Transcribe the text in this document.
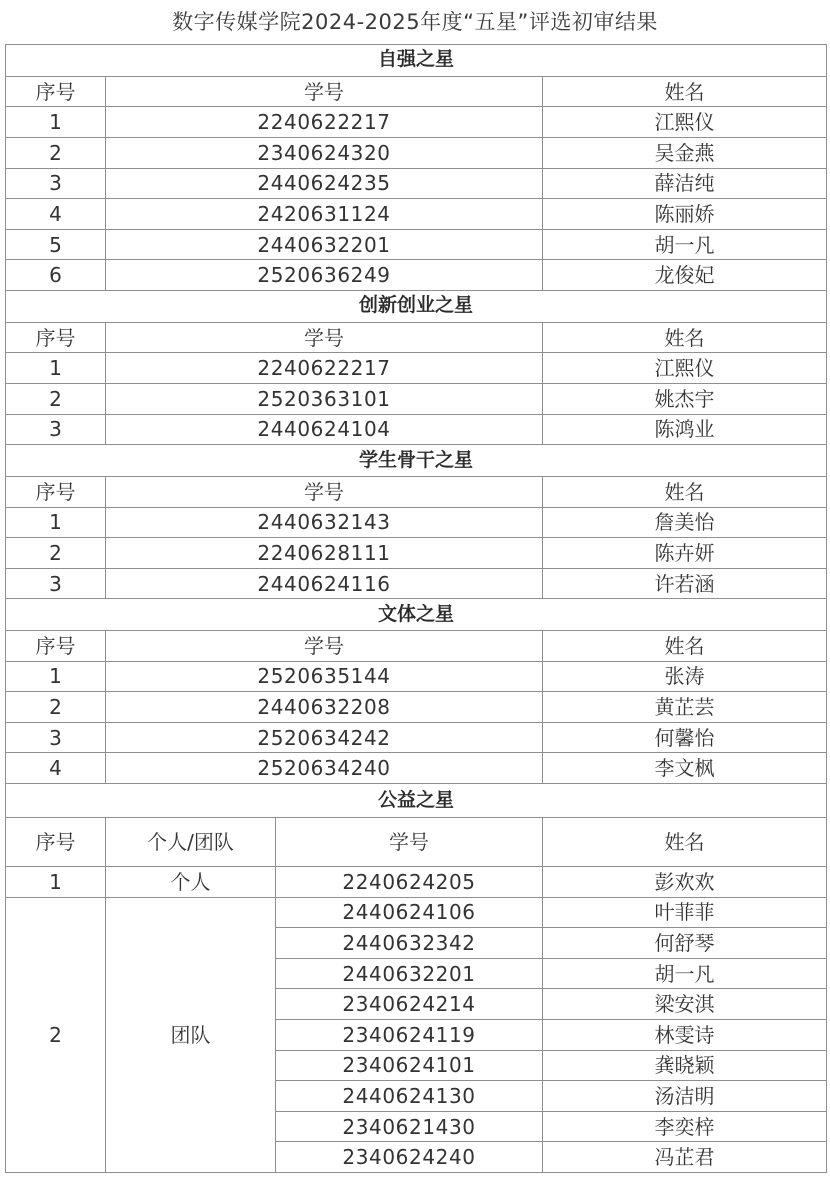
数字传媒学院2024-2025年度“五星”评选初审结果
自强之星			
序号	学号		姓名
1	2240622217		江熙仪
2	2340624320		吴金燕
3	2440624235		薛洁纯
4	2420631124		陈丽娇
5	2440632201		胡一凡
6	2520636249		龙俊妃
创新创业之星			
序号	学号		姓名
1	2240622217		江熙仪
2	2520363101		姚杰宇
3	2440624104		陈鸿业
学生骨干之星			
序号	学号		姓名
1	2440632143		詹美怡
2	2240628111		陈卉妍
3	2440624116		许若涵
文体之星			
序号	学号		姓名
1	2520635144		张涛
2	2440632208		黄芷芸
3	2520634242		何馨怡
4	2520634240		李文枫
公益之星			
序号	个人/团队	学号	姓名
1	个人	2240624205	彭欢欢
2	团队	2440624106	叶菲菲
		2440632342	何舒琴
		2440632201	胡一凡
		2340624214	梁安淇
		2340624119	林雯诗
		2340624101	龚晓颖
		2440624130	汤洁明
		2340621430	李奕梓
		2340624240	冯芷君
